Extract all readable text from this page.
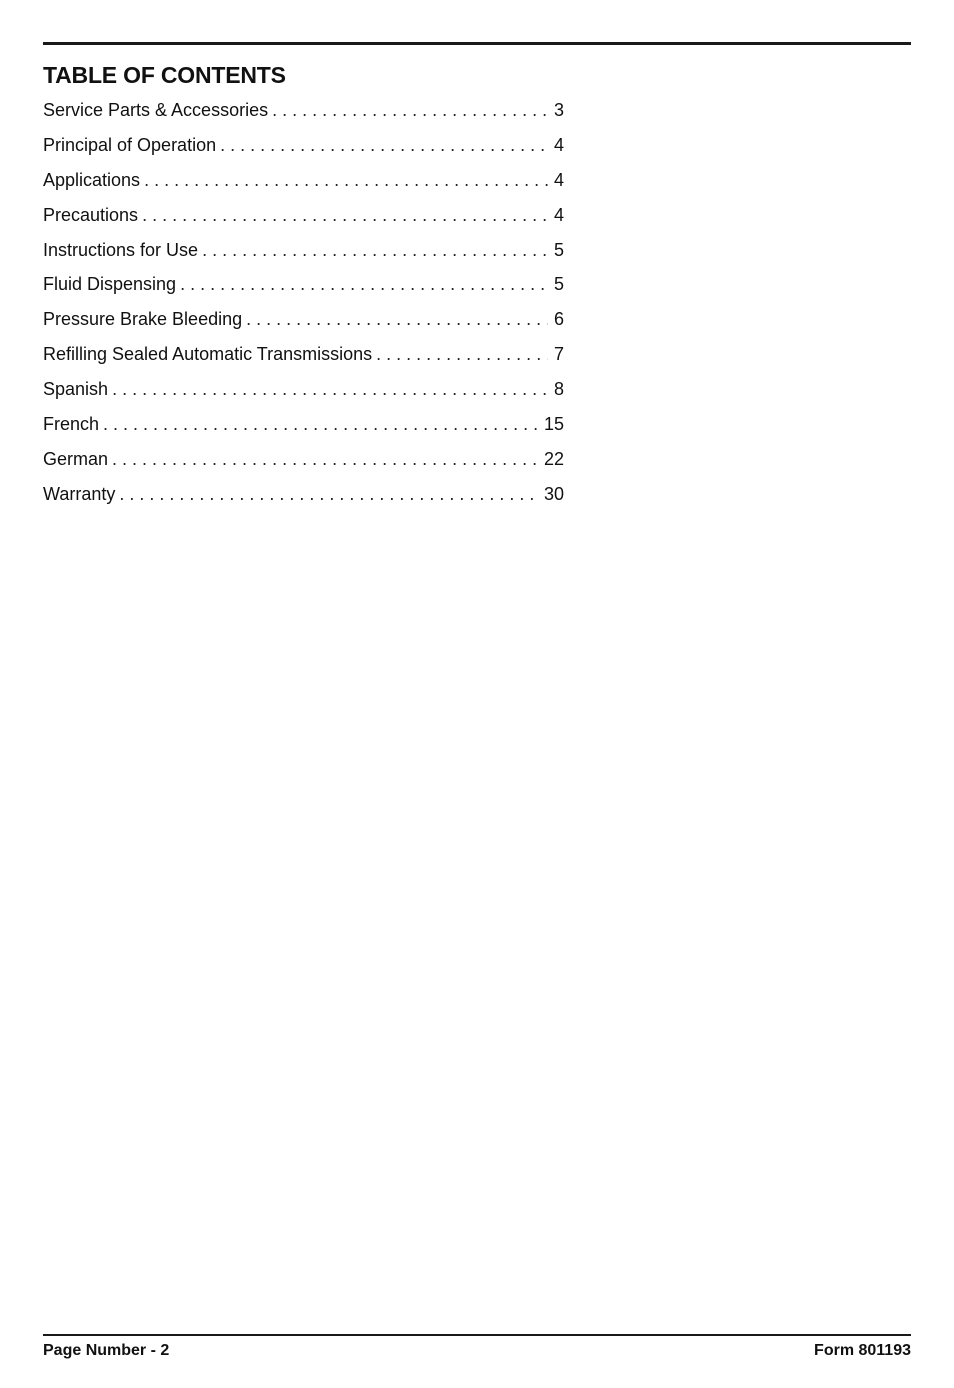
TABLE OF CONTENTS
Service Parts & Accessories . . .	3
Principal of Operation . . .	4
Applications . . .	4
Precautions . . .	4
Instructions for Use . . .	5
Fluid Dispensing . . .	5
Pressure Brake Bleeding . . .	6
Refilling Sealed Automatic Transmissions . . .	7
Spanish . . .	8
French . . .	15
German . . .	22
Warranty . . .	30
Page Number - 2	Form 801193
